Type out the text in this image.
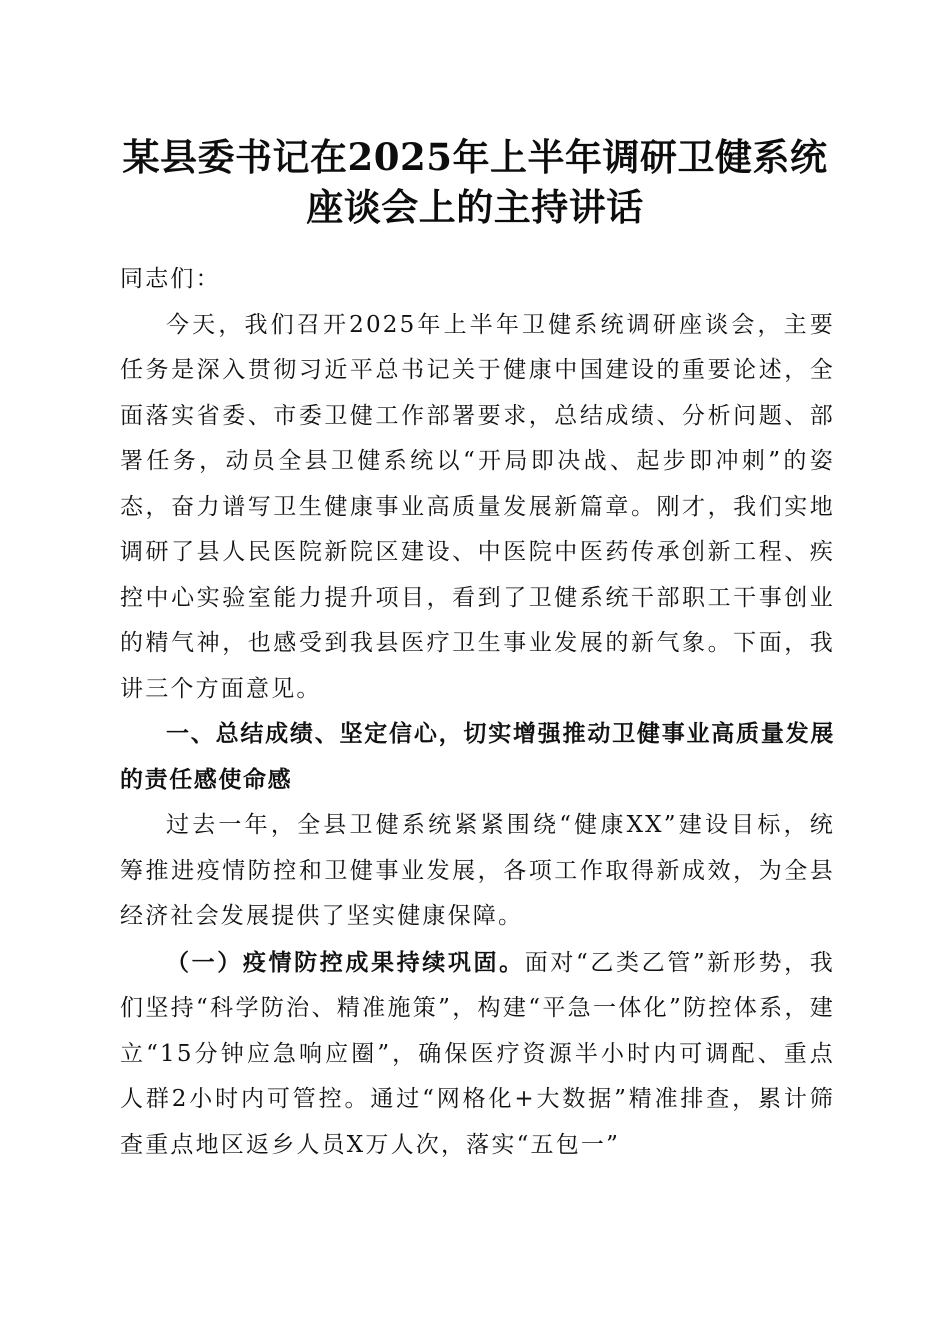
某县委书记在2025年上半年调研卫健系统座谈会上的主持讲话

同志们：

今天，我们召开2025年上半年卫健系统调研座谈会，主要任务是深入贯彻习近平总书记关于健康中国建设的重要论述，全面落实省委、市委卫健工作部署要求，总结成绩、分析问题、部署任务，动员全县卫健系统以“开局即决战、起步即冲刺”的姿态，奋力谱写卫生健康事业高质量发展新篇章。刚才，我们实地调研了县人民医院新院区建设、中医院中医药传承创新工程、疾控中心实验室能力提升项目，看到了卫健系统干部职工干事创业的精气神，也感受到我县医疗卫生事业发展的新气象。下面，我讲三个方面意见。

一、总结成绩、坚定信心，切实增强推动卫健事业高质量发展的责任感使命感

过去一年，全县卫健系统紧紧围绕“健康XX”建设目标，统筹推进疫情防控和卫健事业发展，各项工作取得新成效，为全县经济社会发展提供了坚实健康保障。

（一）疫情防控成果持续巩固。面对“乙类乙管”新形势，我们坚持“科学防治、精准施策”，构建“平急一体化”防控体系，建立“15分钟应急响应圈”，确保医疗资源半小时内可调配、重点人群2小时内可管控。通过“网格化+大数据”精准排查，累计筛查重点地区返乡人员X万人次，落实“五包一”
